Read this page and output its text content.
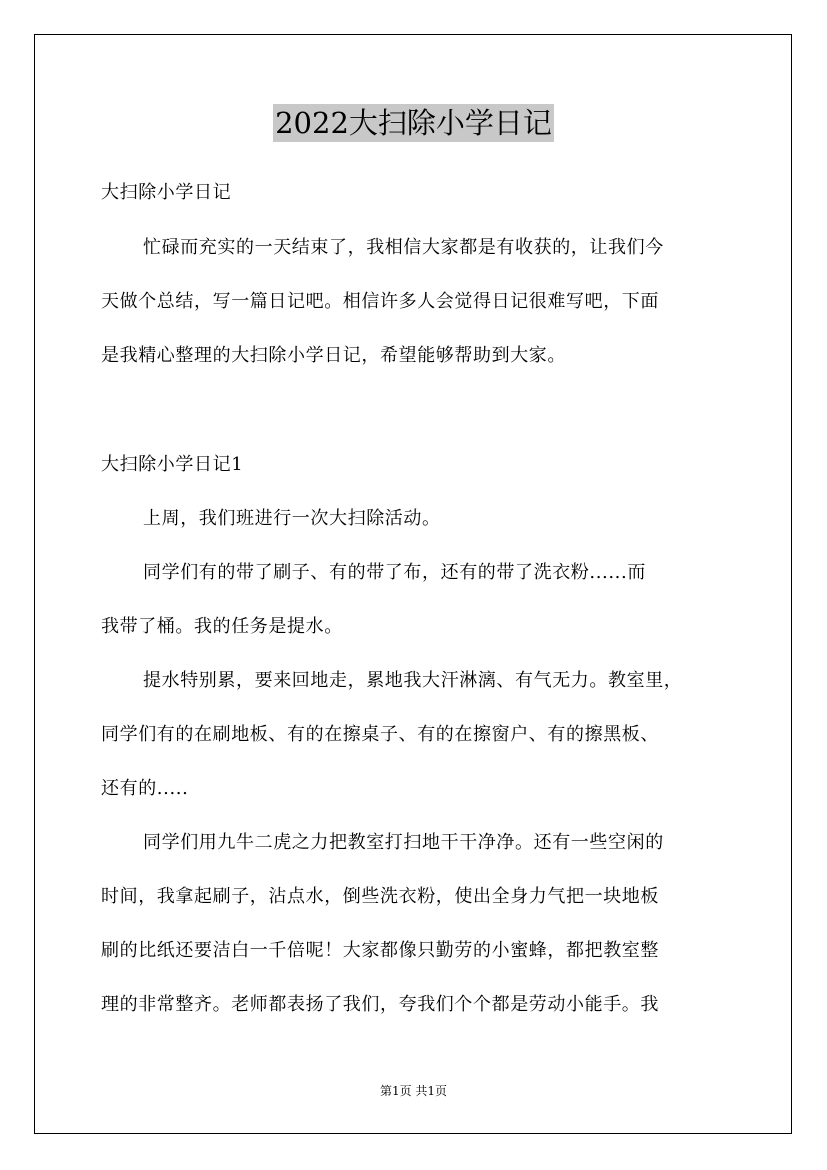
2022大扫除小学日记
大扫除小学日记
忙碌而充实的一天结束了，我相信大家都是有收获的，让我们今
天做个总结，写一篇日记吧。相信许多人会觉得日记很难写吧，下面
是我精心整理的大扫除小学日记，希望能够帮助到大家。
大扫除小学日记1
上周，我们班进行一次大扫除活动。
同学们有的带了刷子、有的带了布，还有的带了洗衣粉......而
我带了桶。我的任务是提水。
提水特别累，要来回地走，累地我大汗淋漓、有气无力。教室里，
同学们有的在刷地板、有的在擦桌子、有的在擦窗户、有的擦黑板、
还有的.....
同学们用九牛二虎之力把教室打扫地干干净净。还有一些空闲的
时间，我拿起刷子，沾点水，倒些洗衣粉，使出全身力气把一块地板
刷的比纸还要洁白一千倍呢！大家都像只勤劳的小蜜蜂，都把教室整
理的非常整齐。老师都表扬了我们，夸我们个个都是劳动小能手。我
第1页 共1页
